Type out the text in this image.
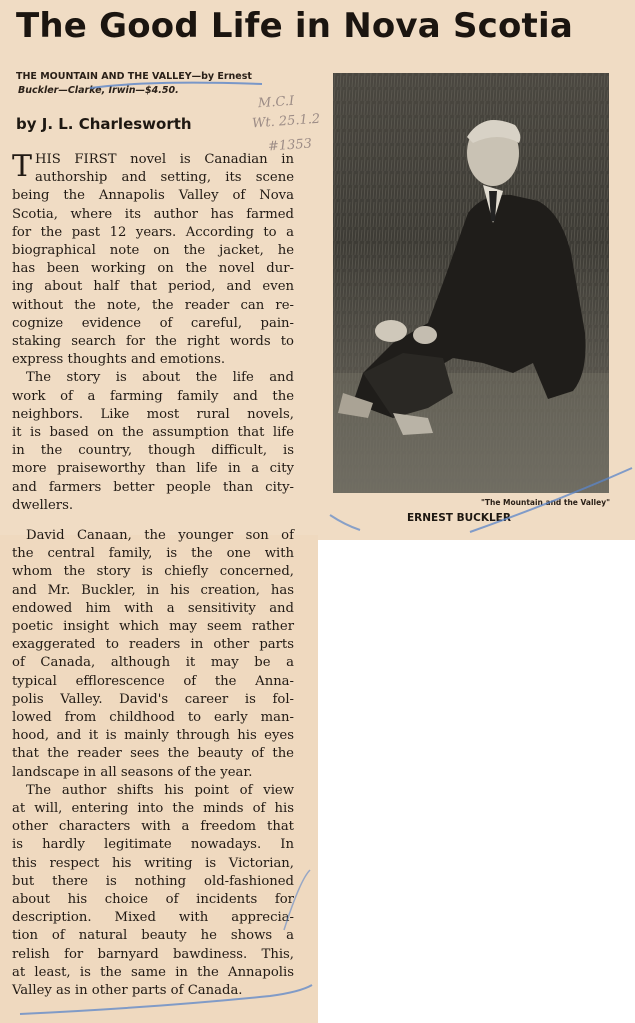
The Good Life in Nova Scotia
THE MOUNTAIN AND THE VALLEY—by Ernest
Buckler—Clarke, Irwin—$4.50.
by J. L. Charlesworth
M.C.I
Wt. 25.1.2
#1353
T HIS FIRST novel is Canadian in

authorship and setting, its scene

being the Annapolis Valley of Nova

Scotia, where its author has farmed

for the past 12 years. According to a

biographical note on the jacket, he

has been working on the novel dur-

ing about half that period, and even

without the note, the reader can re-

cognize evidence of careful, pain-

staking search for the right words to

express thoughts and emotions.

The story is about the life and

work of a farming family and the

neighbors. Like most rural novels,

it is based on the assumption that life

in the country, though difficult, is

more praiseworthy than life in a city

and farmers better people than city-

dwellers.

David Canaan, the younger son of

the central family, is the one with

whom the story is chiefly concerned,

and Mr. Buckler, in his creation, has

endowed him with a sensitivity and

poetic insight which may seem rather

exaggerated to readers in other parts

of Canada, although it may be a

typical efflorescence of the Anna-

polis Valley. David's career is fol-

lowed from childhood to early man-

hood, and it is mainly through his eyes

that the reader sees the beauty of the

landscape in all seasons of the year.

The author shifts his point of view

at will, entering into the minds of his

other characters with a freedom that

is hardly legitimate nowadays. In

this respect his writing is Victorian,

but there is nothing old-fashioned

about his choice of incidents for

description. Mixed with apprecia-

tion of natural beauty he shows a

relish for barnyard bawdiness. This,

at least, is the same in the Annapolis

Valley as in other parts of Canada.

"The Mountain and the Valley"
ERNEST BUCKLER
